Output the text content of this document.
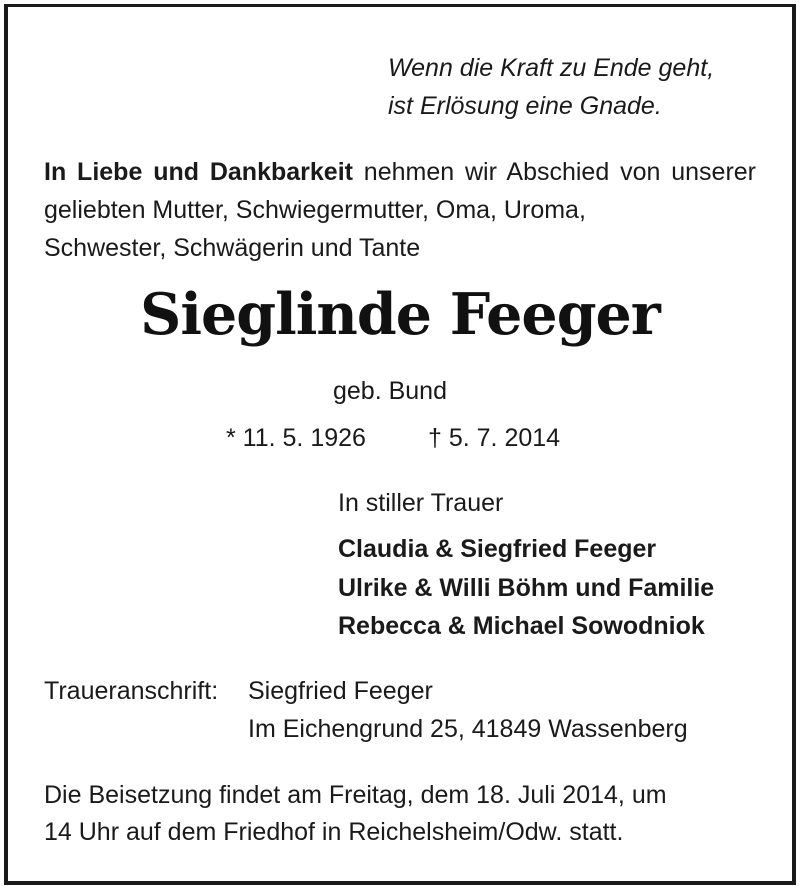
Wenn die Kraft zu Ende geht,
ist Erlösung eine Gnade.
In Liebe und Dankbarkeit nehmen wir Abschied von unserer geliebten Mutter, Schwiegermutter, Oma, Uroma,
Schwester, Schwägerin und Tante
Sieglinde Feeger
geb. Bund
* 11. 5. 1926 † 5. 7. 2014
In stiller Trauer
Claudia & Siegfried Feeger
Ulrike & Willi Böhm und Familie
Rebecca & Michael Sowodniok
Traueranschrift: Siegfried Feeger
Im Eichengrund 25, 41849 Wassenberg
Die Beisetzung findet am Freitag, dem 18. Juli 2014, um
14 Uhr auf dem Friedhof in Reichelsheim/Odw. statt.
